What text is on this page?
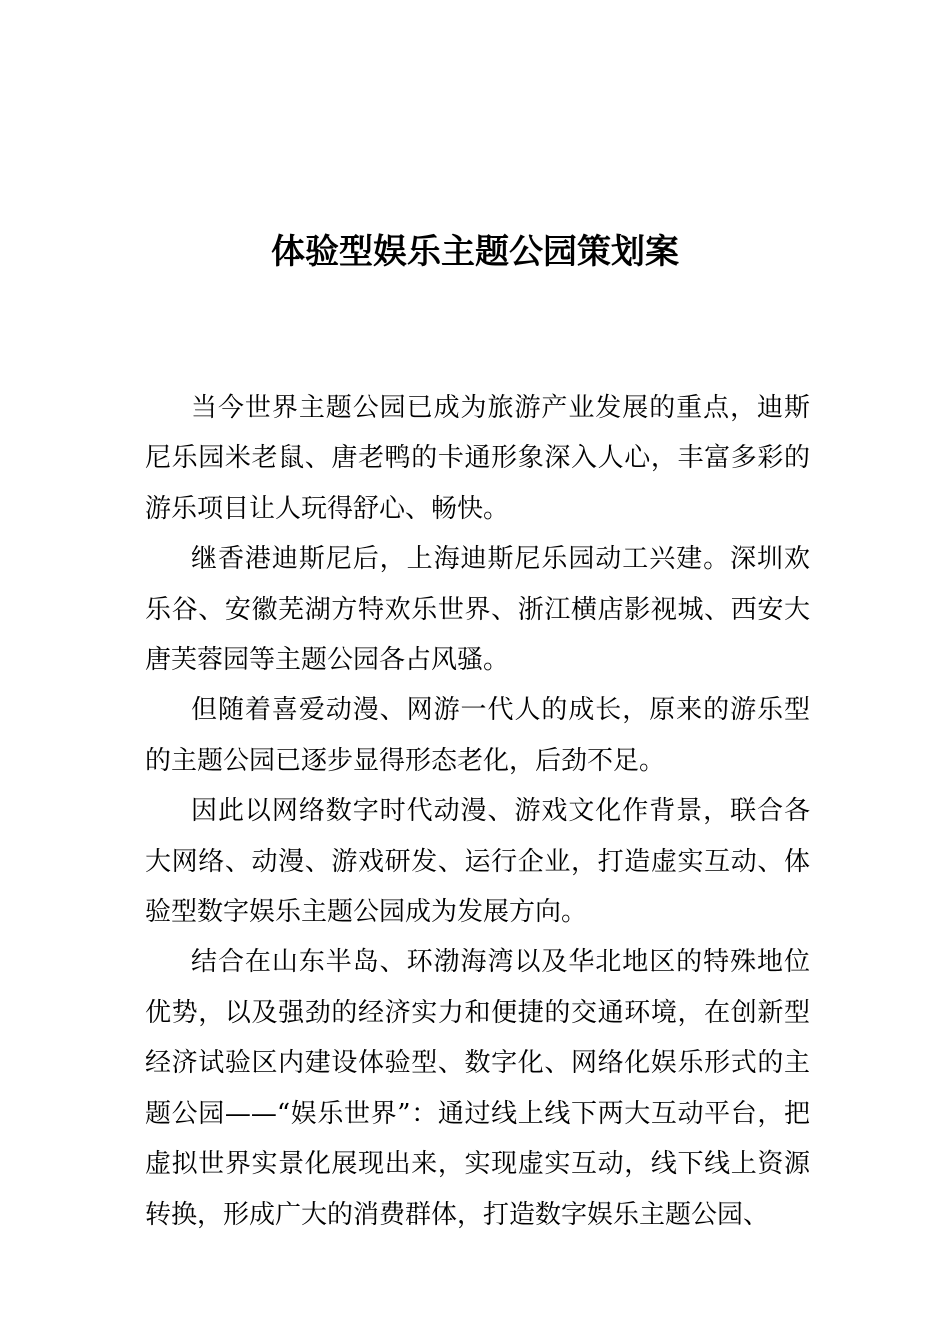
体验型娱乐主题公园策划案

当今世界主题公园已成为旅游产业发展的重点，迪斯尼乐园米老鼠、唐老鸭的卡通形象深入人心，丰富多彩的游乐项目让人玩得舒心、畅快。

继香港迪斯尼后，上海迪斯尼乐园动工兴建。深圳欢乐谷、安徽芜湖方特欢乐世界、浙江横店影视城、西安大唐芙蓉园等主题公园各占风骚。

但随着喜爱动漫、网游一代人的成长，原来的游乐型的主题公园已逐步显得形态老化，后劲不足。

因此以网络数字时代动漫、游戏文化作背景，联合各大网络、动漫、游戏研发、运行企业，打造虚实互动、体验型数字娱乐主题公园成为发展方向。

结合在山东半岛、环渤海湾以及华北地区的特殊地位优势，以及强劲的经济实力和便捷的交通环境，在创新型经济试验区内建设体验型、数字化、网络化娱乐形式的主题公园——“娱乐世界”：通过线上线下两大互动平台，把虚拟世界实景化展现出来，实现虚实互动，线下线上资源转换，形成广大的消费群体，打造数字娱乐主题公园、
